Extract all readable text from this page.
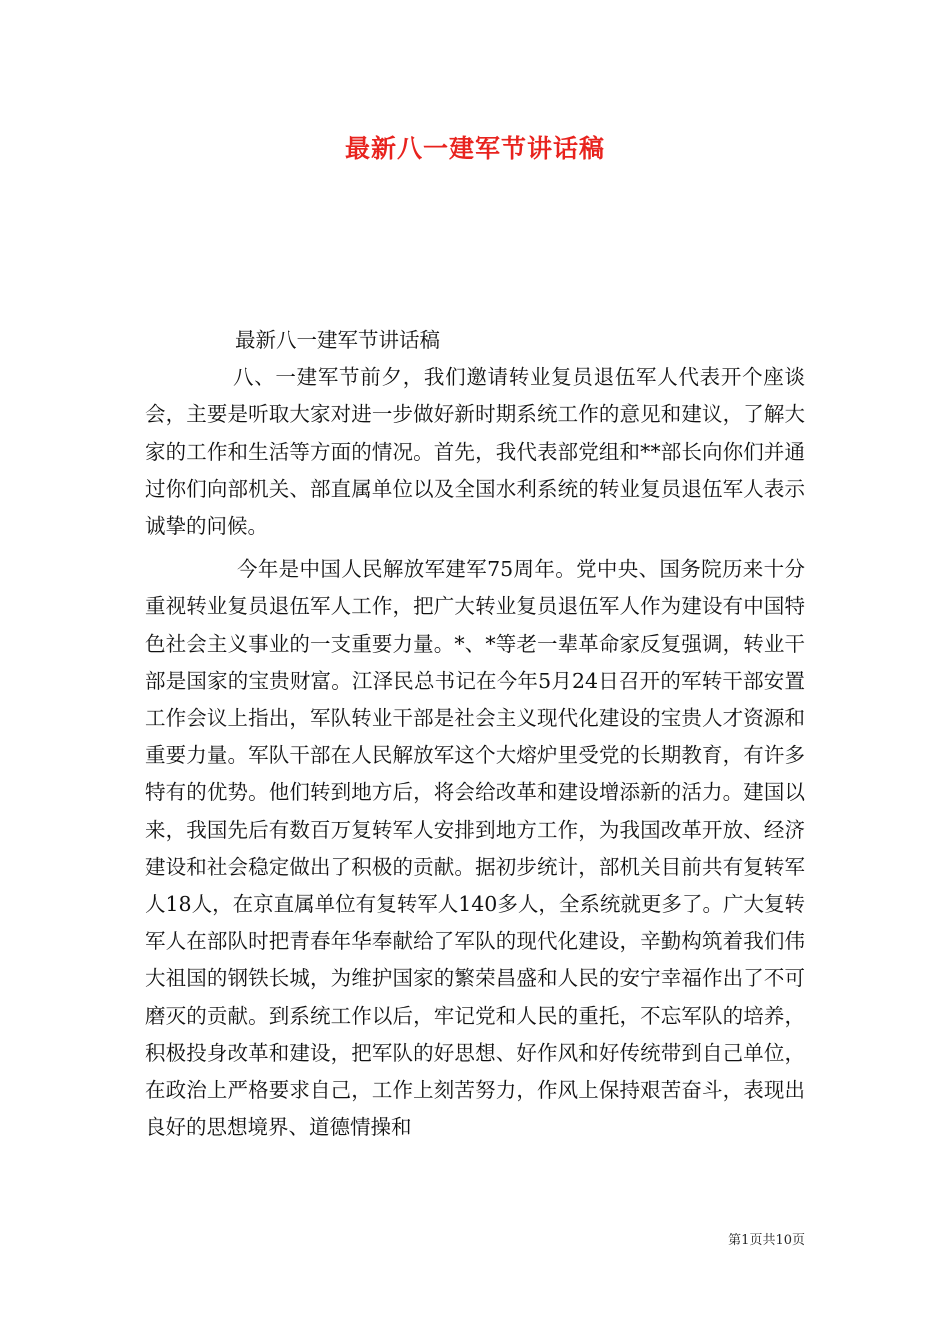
最新八一建军节讲话稿

最新八一建军节讲话稿

八、一建军节前夕，我们邀请转业复员退伍军人代表开个座谈会，主要是听取大家对进一步做好新时期系统工作的意见和建议，了解大家的工作和生活等方面的情况。首先，我代表部党组和**部长向你们并通过你们向部机关、部直属单位以及全国水利系统的转业复员退伍军人表示诚挚的问候。

今年是中国人民解放军建军75周年。党中央、国务院历来十分重视转业复员退伍军人工作，把广大转业复员退伍军人作为建设有中国特色社会主义事业的一支重要力量。*、*等老一辈革命家反复强调，转业干部是国家的宝贵财富。江泽民总书记在今年5月24日召开的军转干部安置工作会议上指出，军队转业干部是社会主义现代化建设的宝贵人才资源和重要力量。军队干部在人民解放军这个大熔炉里受党的长期教育，有许多特有的优势。他们转到地方后，将会给改革和建设增添新的活力。建国以来，我国先后有数百万复转军人安排到地方工作，为我国改革开放、经济建设和社会稳定做出了积极的贡献。据初步统计，部机关目前共有复转军人18人，在京直属单位有复转军人140多人，全系统就更多了。广大复转军人在部队时把青春年华奉献给了军队的现代化建设，辛勤构筑着我们伟大祖国的钢铁长城，为维护国家的繁荣昌盛和人民的安宁幸福作出了不可磨灭的贡献。到系统工作以后，牢记党和人民的重托，不忘军队的培养，积极投身改革和建设，把军队的好思想、好作风和好传统带到自己单位，在政治上严格要求自己，工作上刻苦努力，作风上保持艰苦奋斗，表现出良好的思想境界、道德情操和

第1页共10页
